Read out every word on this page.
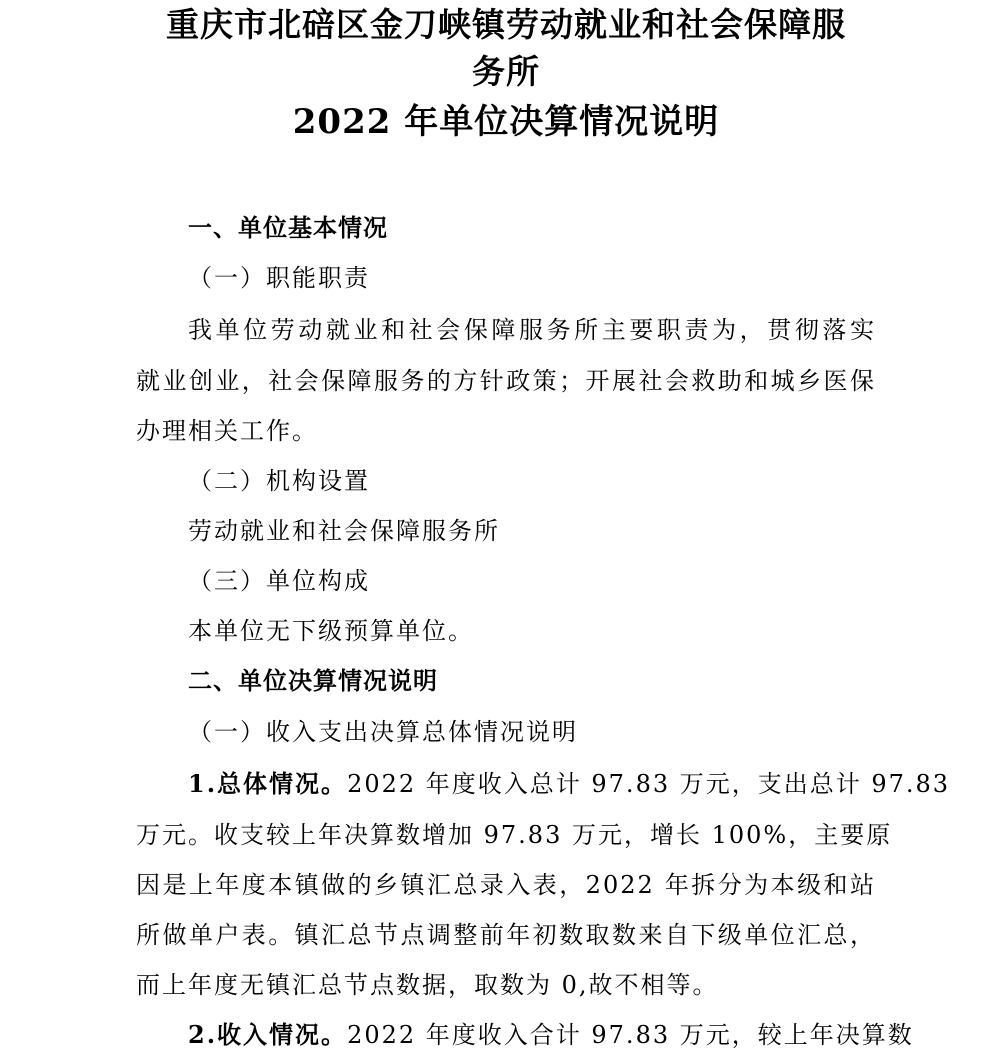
重庆市北碚区金刀峡镇劳动就业和社会保障服
务所
2022 年单位决算情况说明
一、单位基本情况
（一）职能职责
我单位劳动就业和社会保障服务所主要职责为，贯彻落实
就业创业，社会保障服务的方针政策；开展社会救助和城乡医保
办理相关工作。
（二）机构设置
劳动就业和社会保障服务所
（三）单位构成
本单位无下级预算单位。
二、单位决算情况说明
（一）收入支出决算总体情况说明
1.总体情况。2022 年度收入总计 97.83 万元，支出总计 97.83
万元。收支较上年决算数增加 97.83 万元，增长 100%，主要原
因是上年度本镇做的乡镇汇总录入表，2022 年拆分为本级和站
所做单户表。镇汇总节点调整前年初数取数来自下级单位汇总，
而上年度无镇汇总节点数据，取数为 0,故不相等。
2.收入情况。2022 年度收入合计 97.83 万元，较上年决算数
